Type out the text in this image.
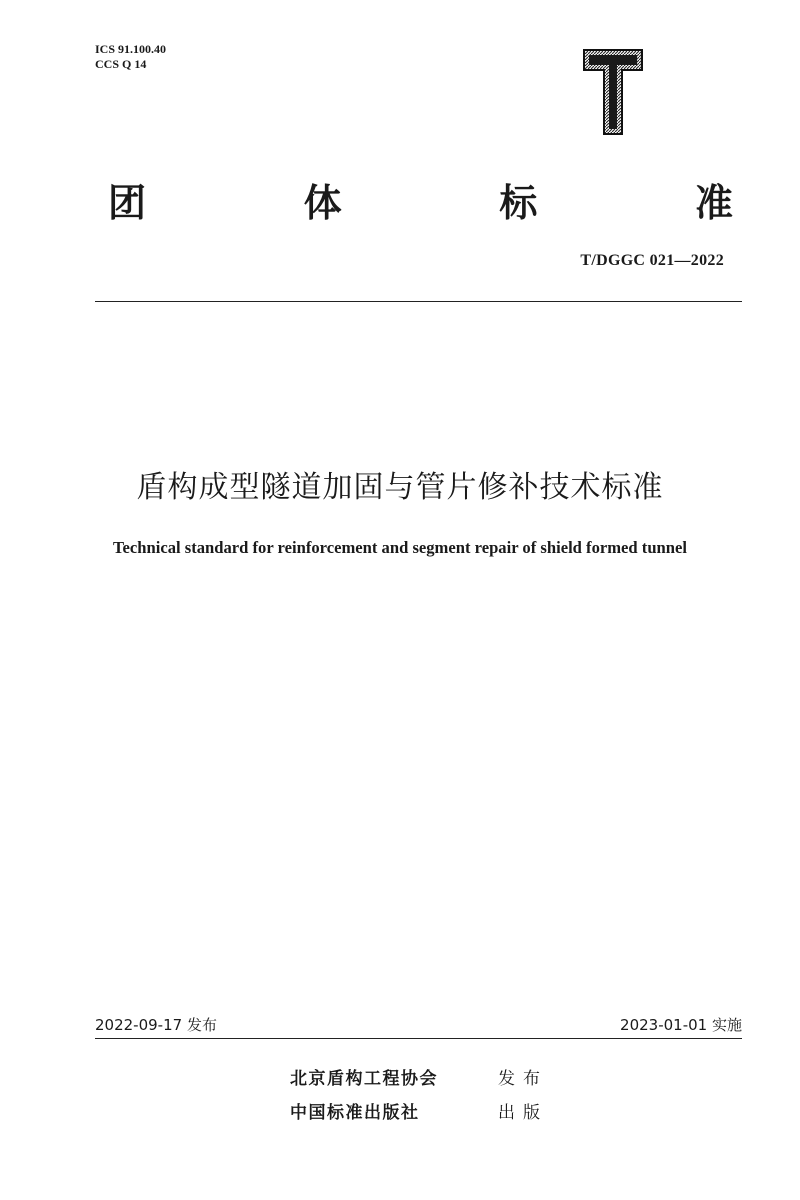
ICS 91.100.40
CCS Q 14
团	体	标	准
T/DGGC 021—2022
盾构成型隧道加固与管片修补技术标准
Technical standard for reinforcement and segment repair of shield formed tunnel
2022-09-17 发布	2023-01-01 实施
北京盾构工程协会	发布
中国标准出版社	出版
